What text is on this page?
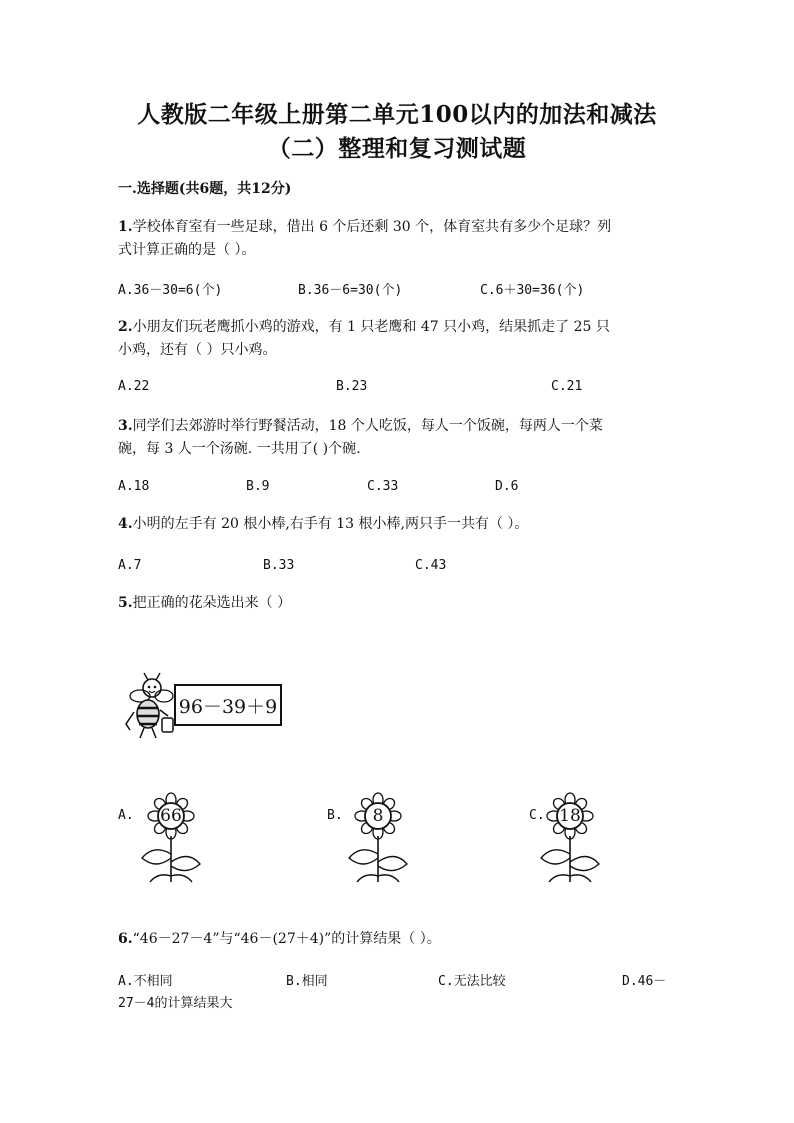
人教版二年级上册第二单元100以内的加法和减法
（二）整理和复习测试题
一.选择题(共6题，共12分)
1.学校体育室有一些足球，借出 6 个后还剩 30 个，体育室共有多少个足球？列
式计算正确的是（ ）。
A.36－30=6(个)	B.36－6=30(个)	C.6＋30=36(个)
2.小朋友们玩老鹰抓小鸡的游戏，有 1 只老鹰和 47 只小鸡，结果抓走了 25 只
小鸡，还有（ ）只小鸡。
A.22	B.23	C.21
3.同学们去郊游时举行野餐活动，18 个人吃饭，每人一个饭碗，每两人一个菜
碗，每 3 人一个汤碗. 一共用了( )个碗.
A.18	B.9	C.33	D.6
4.小明的左手有 20 根小棒,右手有 13 根小棒,两只手一共有（ ）。
A.7	B.33	C.43
5.把正确的花朵选出来（ ）
96－39＋9
A.	B.	C.
66	8	18
6.“46－27－4”与“46－(27＋4)”的计算结果（ ）。
A.不相同	B.相同	C.无法比较	D.46－
27－4的计算结果大
